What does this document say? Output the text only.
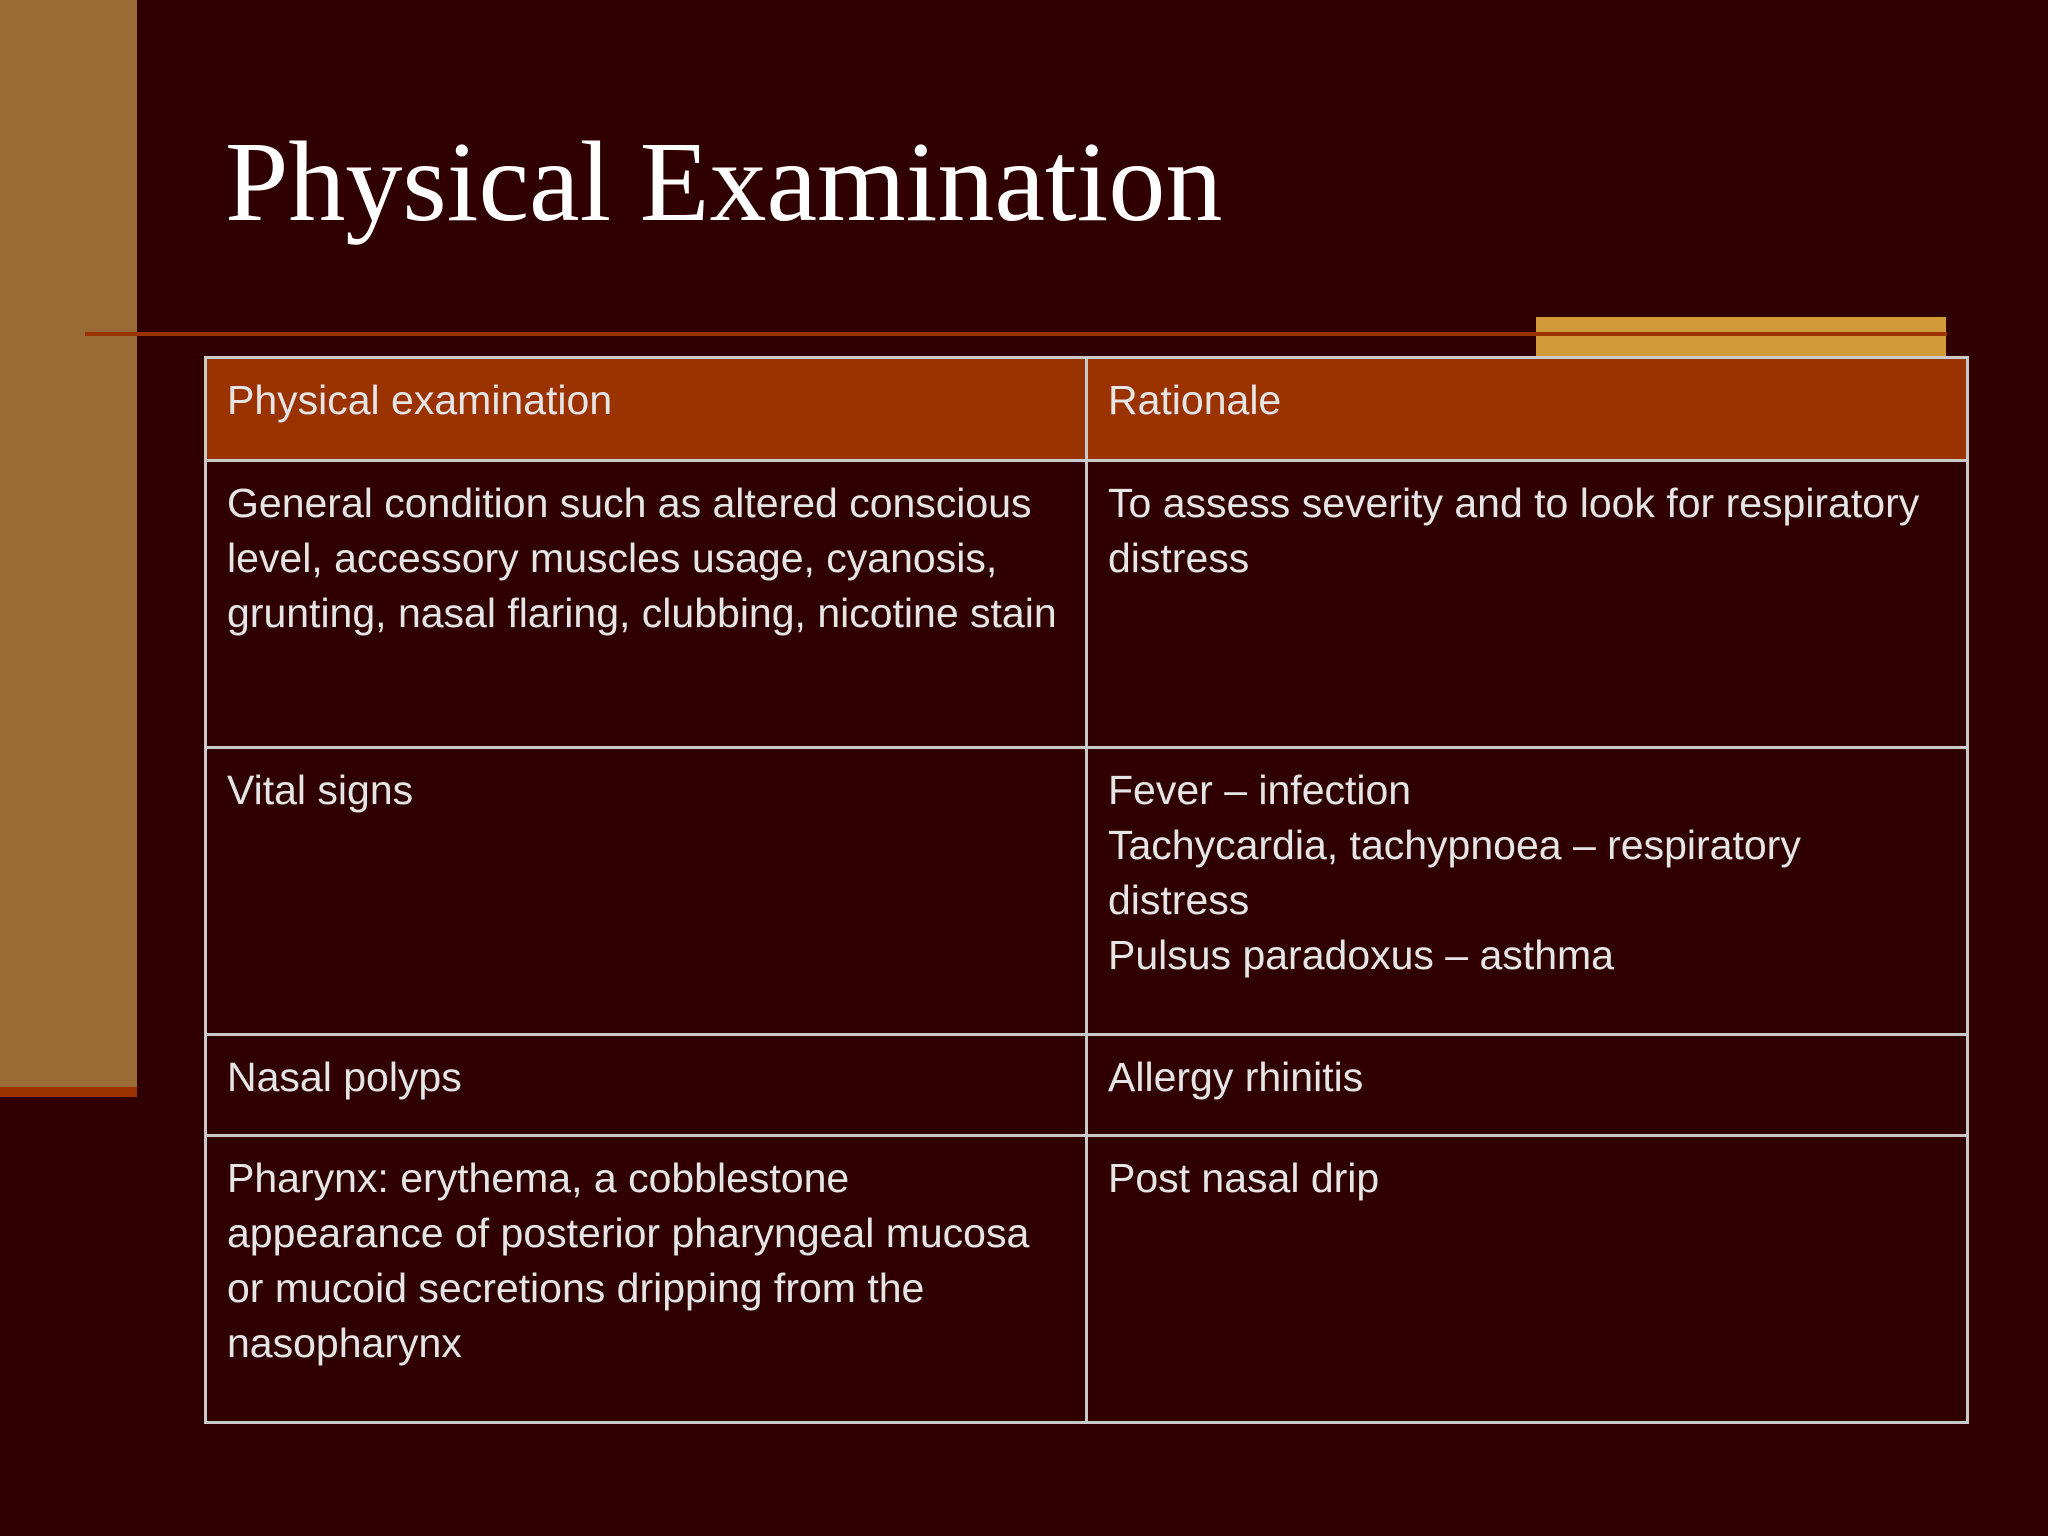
Physical Examination
Physical examination	Rationale
General condition such as altered conscious level, accessory muscles usage, cyanosis, grunting, nasal flaring, clubbing, nicotine stain	To assess severity and to look for respiratory distress

Vital signs	Fever – infection
Tachycardia, tachypnoea – respiratory distress
Pulsus paradoxus – asthma

Nasal polyps	Allergy rhinitis

Pharynx: erythema, a cobblestone appearance of posterior pharyngeal mucosa or mucoid secretions dripping from the nasopharynx	Post nasal drip
